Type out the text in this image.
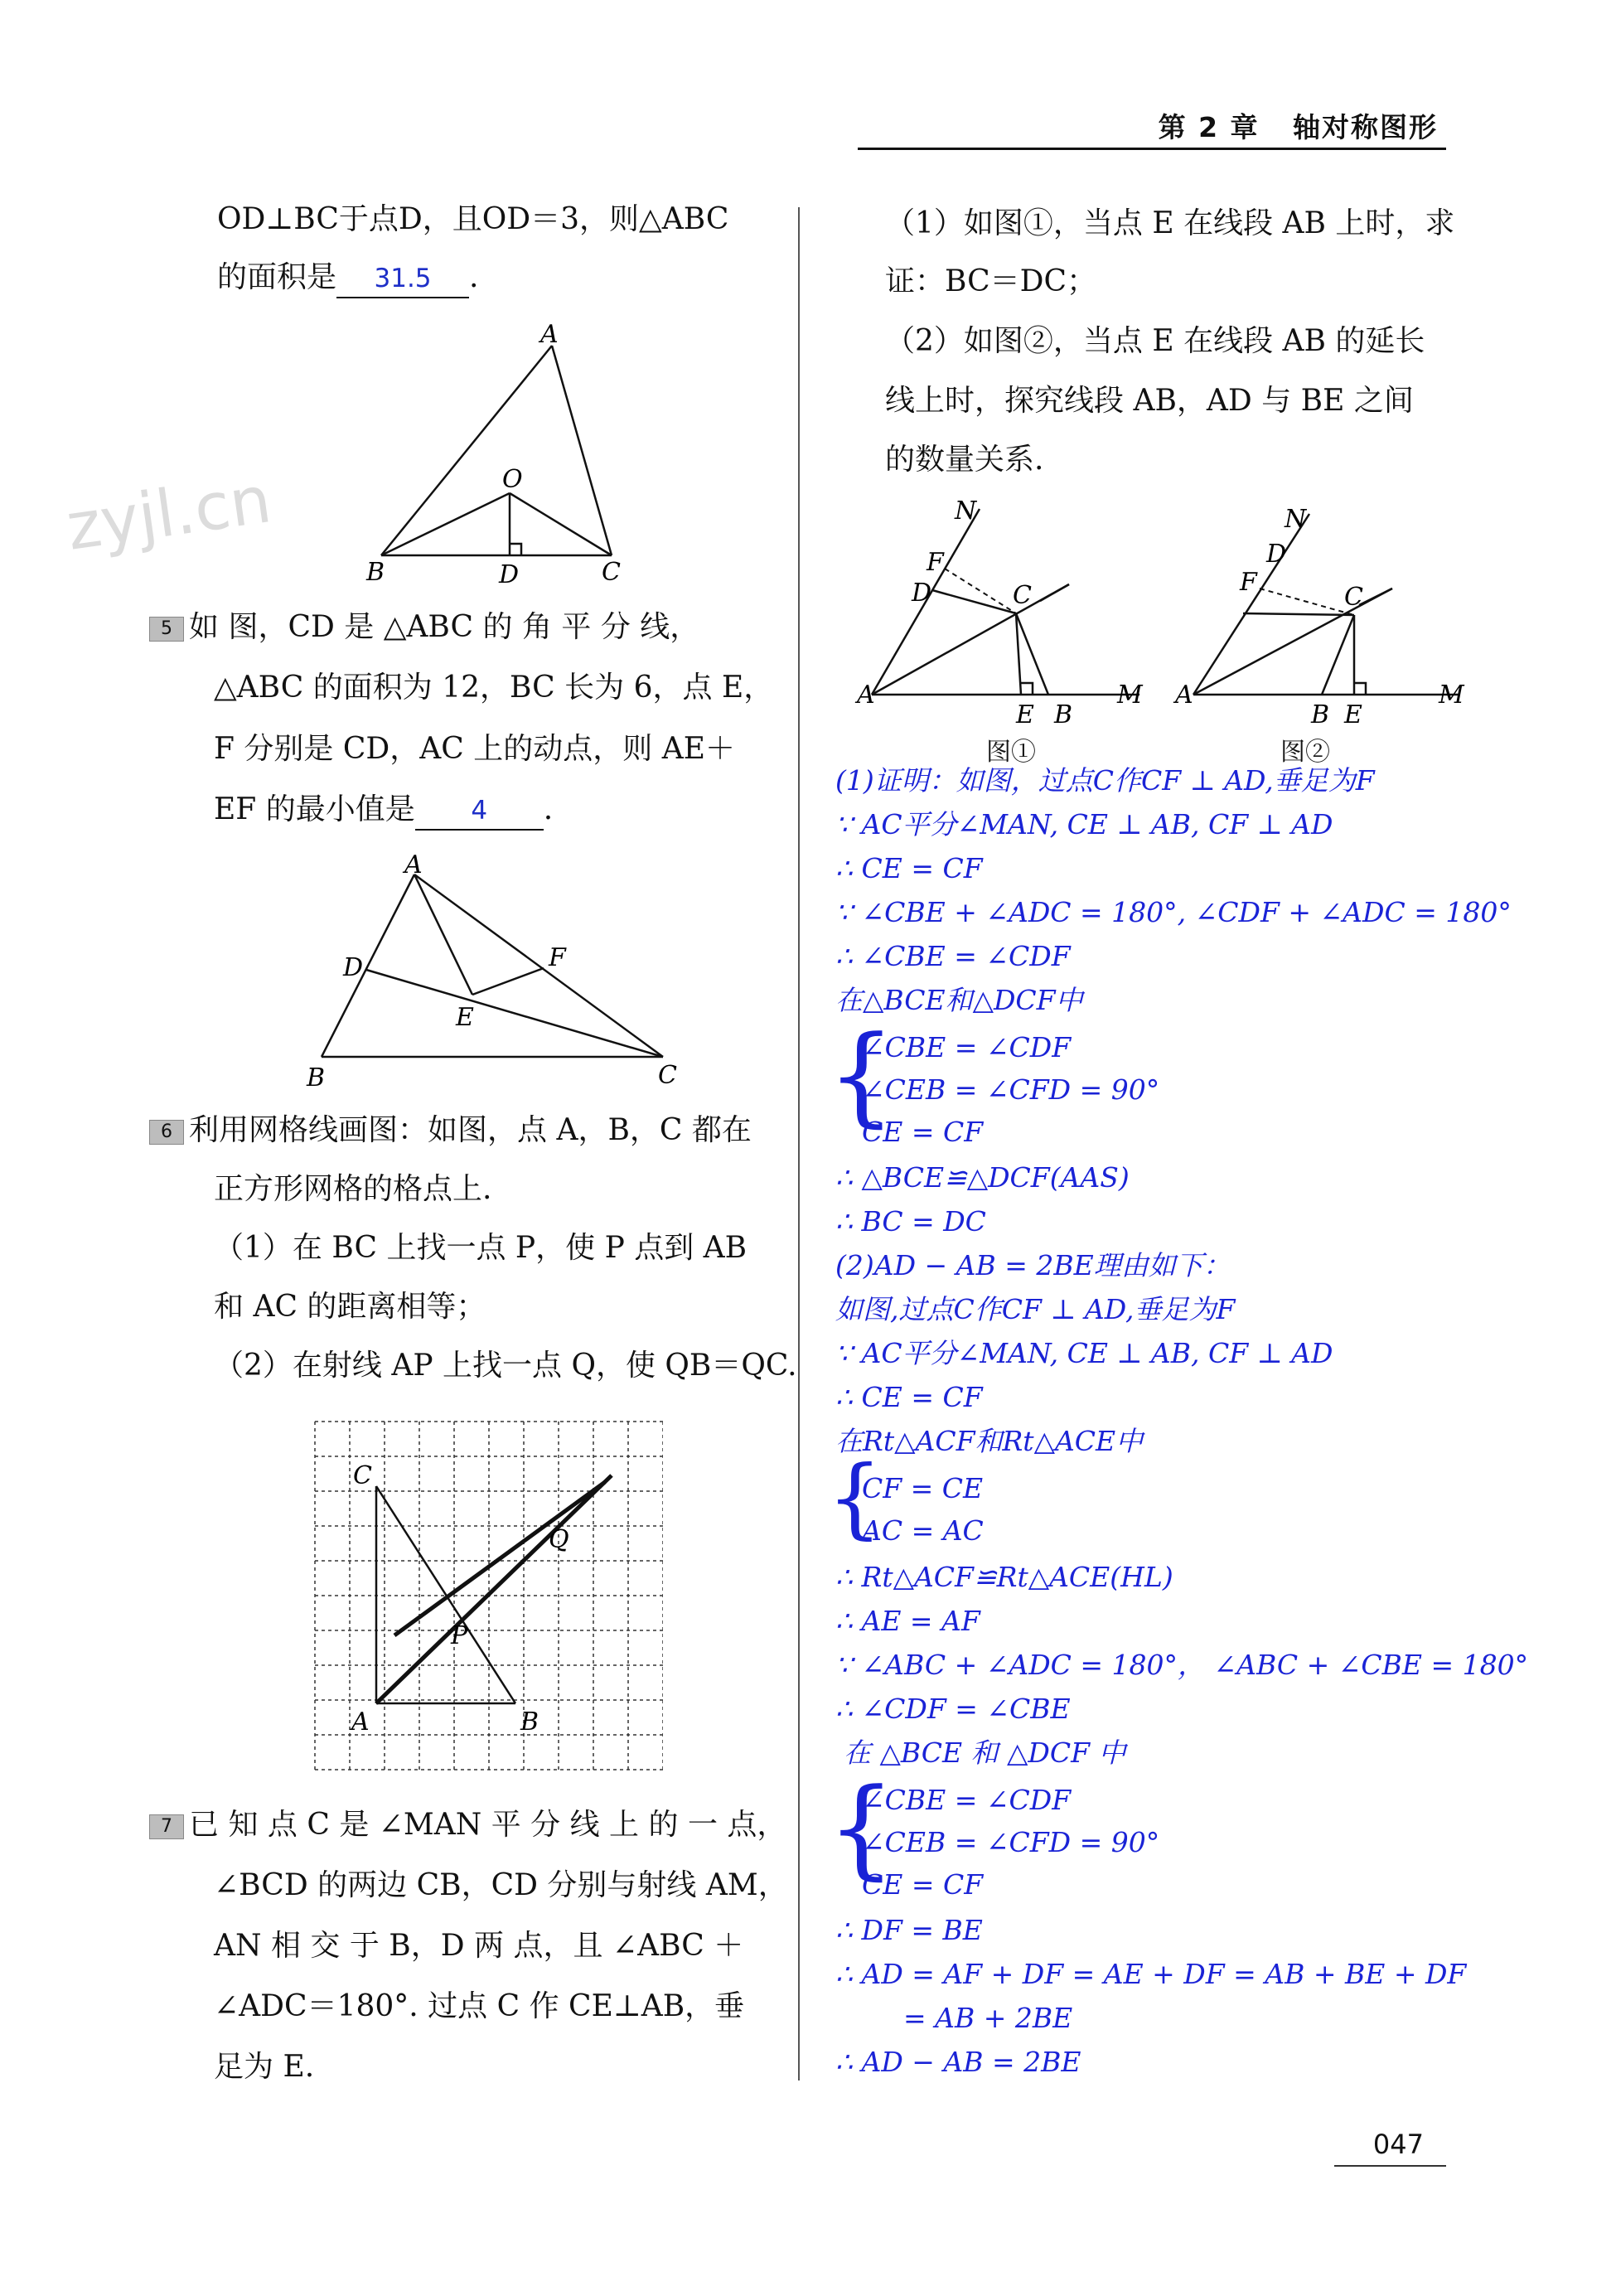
第 2 章 轴对称图形
zyjl.cn
OD⊥BC于点D，且OD＝3，则△ABC
的面积是 31.5 .
A
O
B	D	C
5 如 图，CD 是 △ABC 的 角 平 分 线，
△ABC 的面积为 12，BC 长为 6，点 E，
F 分别是 CD，AC 上的动点，则 AE＋
EF 的最小值是 4 .
A
D	F
E
B	C
6 利用网格线画图：如图，点 A，B，C 都在
正方形网格的格点上.
（1）在 BC 上找一点 P，使 P 点到 AB
和 AC 的距离相等；
（2）在射线 AP 上找一点 Q，使 QB＝QC.
C
Q
P
A	B
7 已 知 点 C 是 ∠MAN 平 分 线 上 的 一 点，
∠BCD 的两边 CB，CD 分别与射线 AM，
AN 相 交 于 B，D 两 点，且 ∠ABC ＋
∠ADC＝180°. 过点 C 作 CE⊥AB，垂
足为 E.
（1）如图①，当点 E 在线段 AB 上时，求
证：BC＝DC；
（2）如图②，当点 E 在线段 AB 的延长
线上时，探究线段 AB，AD 与 BE 之间
的数量关系.
N
F
D	C
A
E B
M
图①
N
D
F
C
A
B E
M
图②
(1)证明：如图，过点C作CF ⊥ AD,垂足为F
∵ AC平分∠MAN, CE ⊥ AB, CF ⊥ AD
∴ CE = CF
∵ ∠CBE + ∠ADC = 180°, ∠CDF + ∠ADC = 180°
∴ ∠CBE = ∠CDF
在△BCE和△DCF中
{
∠CBE = ∠CDF
∠CEB = ∠CFD = 90°
CE = CF
∴ △BCE≌△DCF(AAS)
∴ BC = DC
(2)AD − AB = 2BE理由如下：
如图,过点C作CF ⊥ AD,垂足为F
∵ AC平分∠MAN, CE ⊥ AB, CF ⊥ AD
∴ CE = CF
在Rt△ACF和Rt△ACE中
{
CF = CE
AC = AC
∴ Rt△ACF≌Rt△ACE(HL)
∴ AE = AF
∵ ∠ABC + ∠ADC = 180°， ∠ABC + ∠CBE = 180°
∴ ∠CDF = ∠CBE
在 △BCE 和 △DCF 中
{
∠CBE = ∠CDF
∠CEB = ∠CFD = 90°
CE = CF
∴ DF = BE
∴ AD = AF + DF = AE + DF = AB + BE + DF
= AB + 2BE
∴ AD − AB = 2BE
047
